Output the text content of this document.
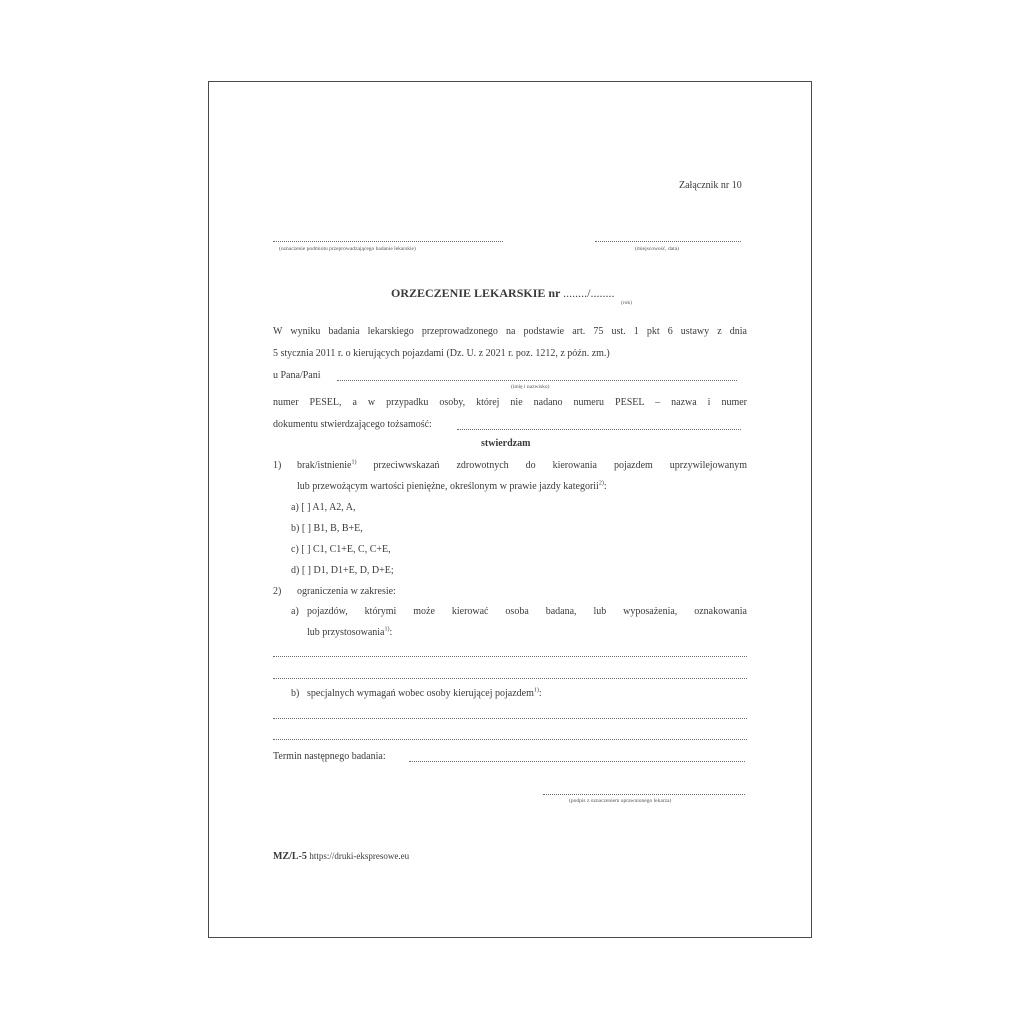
Załącznik nr 10
(oznaczenie podmiotu przeprowadzającego badanie lekarskie)	(miejscowość, data)
ORZECZENIE LEKARSKIE nr ......../........
(rok)
W wyniku badania lekarskiego przeprowadzonego na podstawie art. 75 ust. 1 pkt 6 ustawy z dnia
5 stycznia 2011 r. o kierujących pojazdami (Dz. U. z 2021 r. poz. 1212, z późn. zm.)
u Pana/Pani
(imię i nazwisko)
numer PESEL, a w przypadku osoby, której nie nadano numeru PESEL – nazwa i numer
dokumentu stwierdzającego tożsamość:
stwierdzam
1) brak/istnienie$^{1)}$ przeciwwskazań zdrowotnych do kierowania pojazdem uprzywilejowanym
lub przewożącym wartości pieniężne, określonym w prawie jazdy kategorii$^{2)}$:
a) [ ] A1, A2, A,
b) [ ] B1, B, B+E,
c) [ ] C1, C1+E, C, C+E,
d) [ ] D1, D1+E, D, D+E;
2) ograniczenia w zakresie:
a) pojazdów, którymi może kierować osoba badana, lub wyposażenia, oznakowania
lub przystosowania$^{1)}$:
b) specjalnych wymagań wobec osoby kierującej pojazdem$^{1)}$:
Termin następnego badania:
(podpis z oznaczeniem uprawnionego lekarza)
MZ/L-5 https://druki-ekspresowe.eu
